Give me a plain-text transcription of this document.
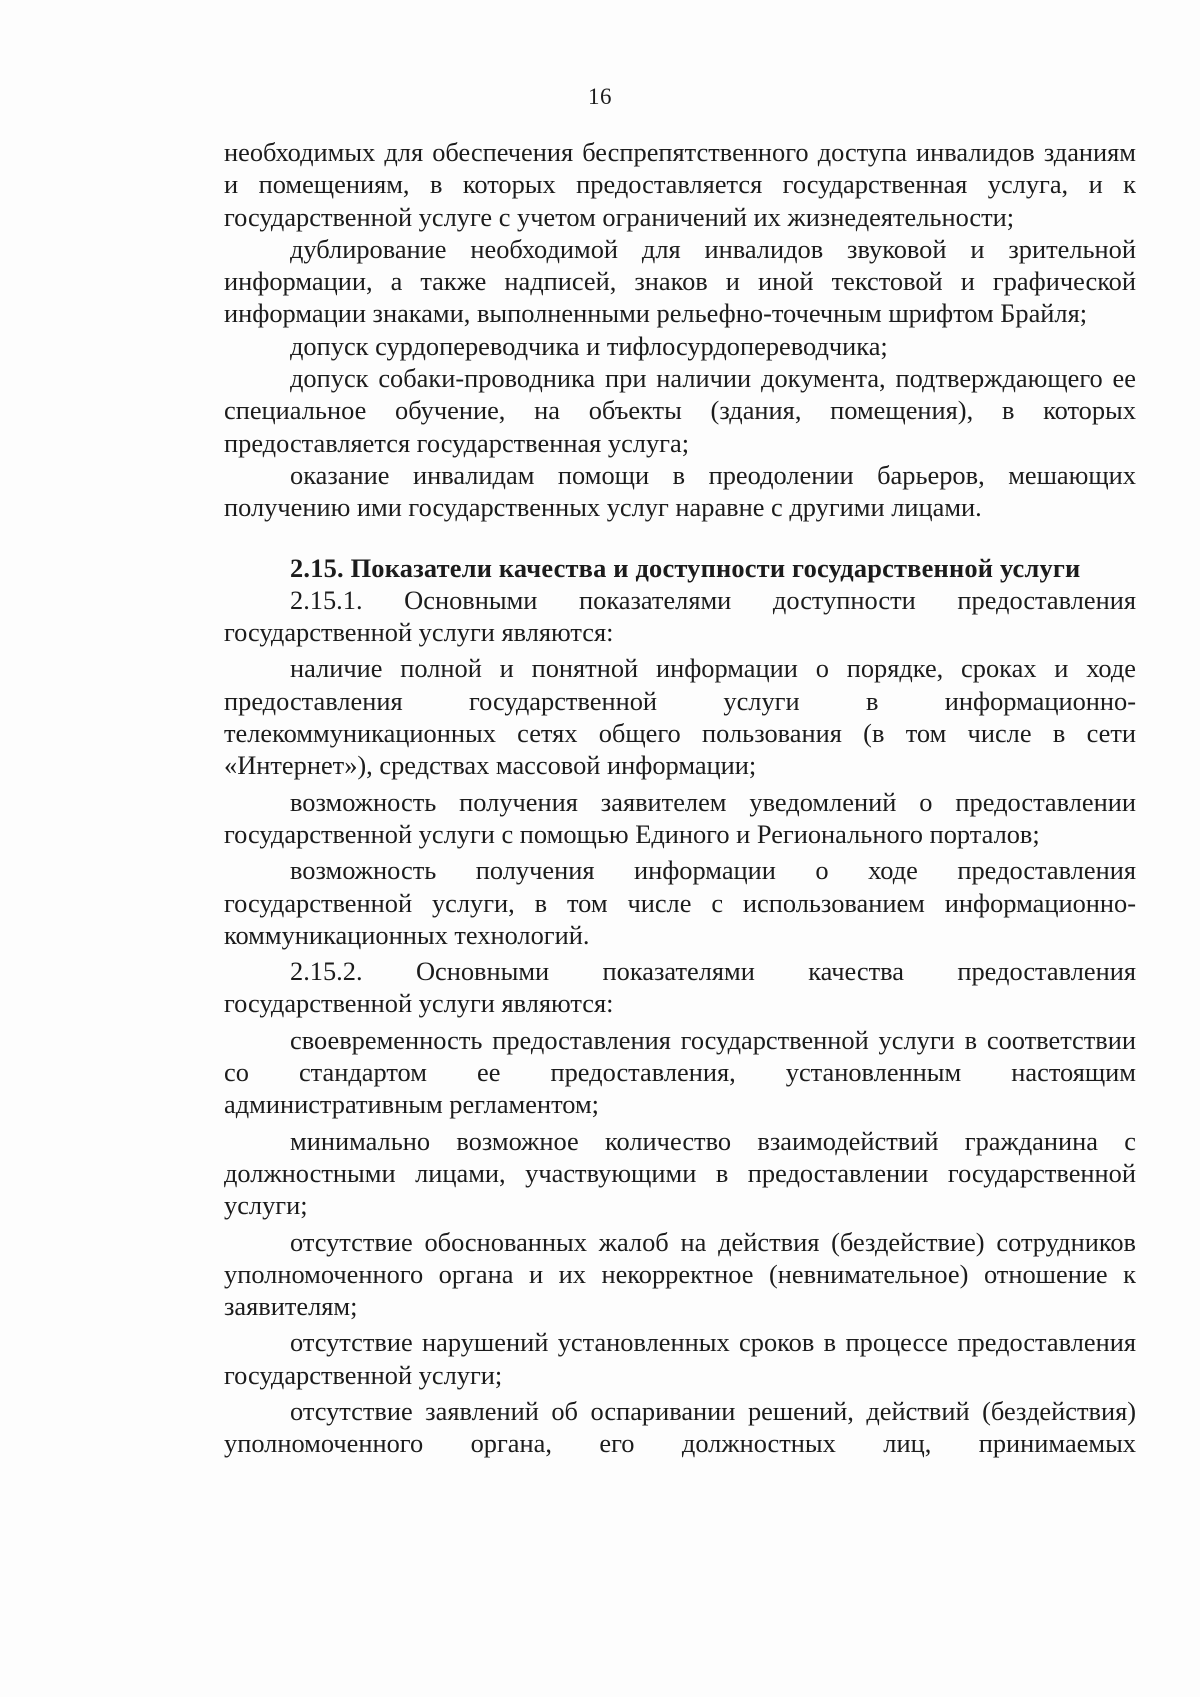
16

необходимых для обеспечения беспрепятственного доступа инвалидов зданиям и помещениям, в которых предоставляется государственная услуга, и к государственной услуге с учетом ограничений их жизнедеятельности;

дублирование необходимой для инвалидов звуковой и зрительной информации, а также надписей, знаков и иной текстовой и графической информации знаками, выполненными рельефно-точечным шрифтом Брайля;

допуск сурдопереводчика и тифлосурдопереводчика;

допуск собаки-проводника при наличии документа, подтверждающего ее специальное обучение, на объекты (здания, помещения), в которых предоставляется государственная услуга;

оказание инвалидам помощи в преодолении барьеров, мешающих получению ими государственных услуг наравне с другими лицами.

2.15. Показатели качества и доступности государственной услуги

2.15.1. Основными показателями доступности предоставления государственной услуги являются:

наличие полной и понятной информации о порядке, сроках и ходе предоставления государственной услуги в информационно-телекоммуникационных сетях общего пользования (в том числе в сети «Интернет»), средствах массовой информации;

возможность получения заявителем уведомлений о предоставлении государственной услуги с помощью Единого и Регионального порталов;

возможность получения информации о ходе предоставления государственной услуги, в том числе с использованием информационно-коммуникационных технологий.

2.15.2. Основными показателями качества предоставления государственной услуги являются:

своевременность предоставления государственной услуги в соответствии со стандартом ее предоставления, установленным настоящим административным регламентом;

минимально возможное количество взаимодействий гражданина с должностными лицами, участвующими в предоставлении государственной услуги;

отсутствие обоснованных жалоб на действия (бездействие) сотрудников уполномоченного органа и их некорректное (невнимательное) отношение к заявителям;

отсутствие нарушений установленных сроков в процессе предоставления государственной услуги;

отсутствие заявлений об оспаривании решений, действий (бездействия) уполномоченного органа, его должностных лиц, принимаемых
